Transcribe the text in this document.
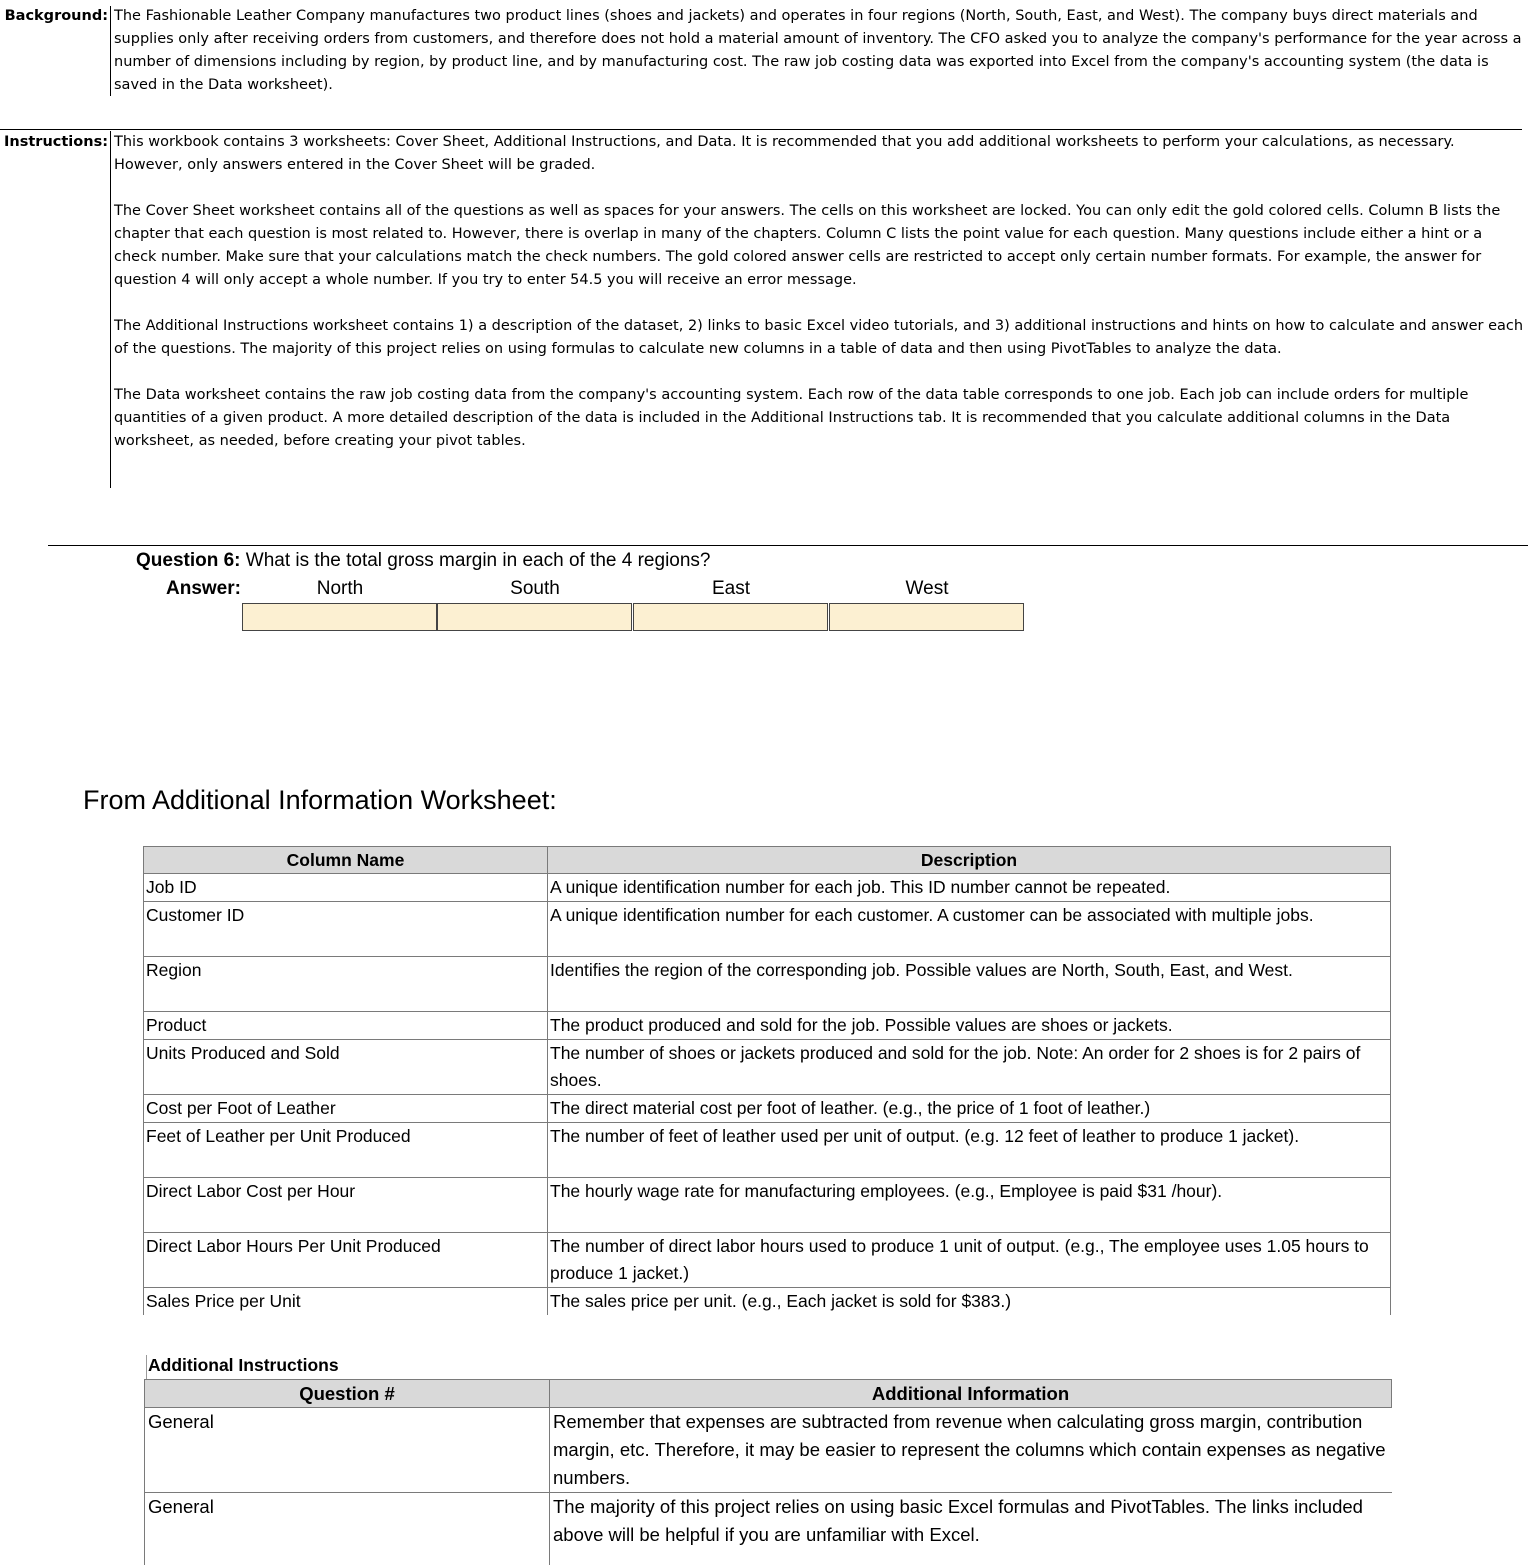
Background: The Fashionable Leather Company manufactures two product lines (shoes and jackets) and operates in four regions (North, South, East, and West). The company buys direct materials and supplies only after receiving orders from customers, and therefore does not hold a material amount of inventory. The CFO asked you to analyze the company's performance for the year across a number of dimensions including by region, by product line, and by manufacturing cost. The raw job costing data was exported into Excel from the company's accounting system (the data is saved in the Data worksheet).
Instructions: This workbook contains 3 worksheets: Cover Sheet, Additional Instructions, and Data. It is recommended that you add additional worksheets to perform your calculations, as necessary. However, only answers entered in the Cover Sheet will be graded.

The Cover Sheet worksheet contains all of the questions as well as spaces for your answers. The cells on this worksheet are locked. You can only edit the gold colored cells. Column B lists the chapter that each question is most related to. However, there is overlap in many of the chapters. Column C lists the point value for each question. Many questions include either a hint or a check number. Make sure that your calculations match the check numbers. The gold colored answer cells are restricted to accept only certain number formats. For example, the answer for question 4 will only accept a whole number. If you try to enter 54.5 you will receive an error message.

The Additional Instructions worksheet contains 1) a description of the dataset, 2) links to basic Excel video tutorials, and 3) additional instructions and hints on how to calculate and answer each of the questions. The majority of this project relies on using formulas to calculate new columns in a table of data and then using PivotTables to analyze the data.

The Data worksheet contains the raw job costing data from the company's accounting system. Each row of the data table corresponds to one job. Each job can include orders for multiple quantities of a given product. A more detailed description of the data is included in the Additional Instructions tab. It is recommended that you calculate additional columns in the Data worksheet, as needed, before creating your pivot tables.

Question 6: What is the total gross margin in each of the 4 regions?
Answer:	North	South	East	West
From Additional Information Worksheet:
Column Name	Description
Job ID	A unique identification number for each job. This ID number cannot be repeated.
Customer ID	A unique identification number for each customer. A customer can be associated with multiple jobs.
Region	Identifies the region of the corresponding job. Possible values are North, South, East, and West.
Product	The product produced and sold for the job. Possible values are shoes or jackets.
Units Produced and Sold	The number of shoes or jackets produced and sold for the job. Note: An order for 2 shoes is for 2 pairs of shoes.
Cost per Foot of Leather	The direct material cost per foot of leather. (e.g., the price of 1 foot of leather.)
Feet of Leather per Unit Produced	The number of feet of leather used per unit of output. (e.g. 12 feet of leather to produce 1 jacket).
Direct Labor Cost per Hour	The hourly wage rate for manufacturing employees. (e.g., Employee is paid $31 /hour).
Direct Labor Hours Per Unit Produced	The number of direct labor hours used to produce 1 unit of output. (e.g., The employee uses 1.05 hours to produce 1 jacket.)
Sales Price per Unit	The sales price per unit. (e.g., Each jacket is sold for $383.)
Additional Instructions
Question #	Additional Information
General	Remember that expenses are subtracted from revenue when calculating gross margin, contribution margin, etc. Therefore, it may be easier to represent the columns which contain expenses as negative numbers.
General	The majority of this project relies on using basic Excel formulas and PivotTables. The links included above will be helpful if you are unfamiliar with Excel.
